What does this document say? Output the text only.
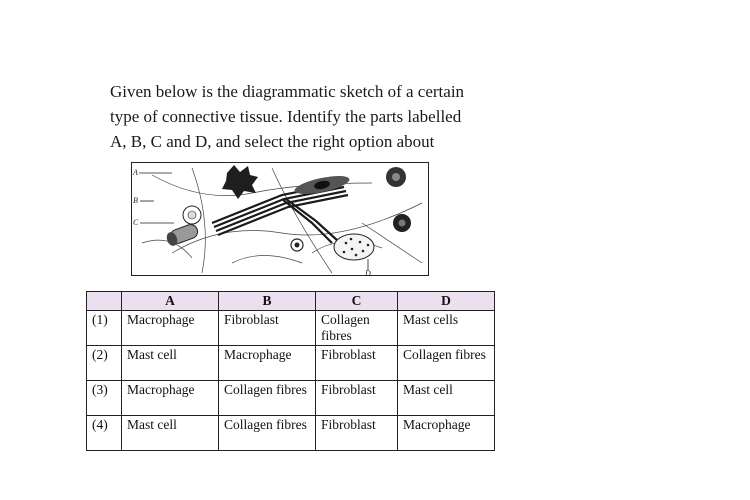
Given below is the diagrammatic sketch of a certain

type of connective tissue. Identify the parts labelled

A, B, C and D, and select the right option about

A
B
C
D
	A	B	C	D
(1)	Macrophage	Fibroblast	Collagen fibres	Mast cells
(2)	Mast cell	Macrophage	Fibroblast	Collagen fibres
(3)	Macrophage	Collagen fibres	Fibroblast	Mast cell
(4)	Mast cell	Collagen fibres	Fibroblast	Macrophage
